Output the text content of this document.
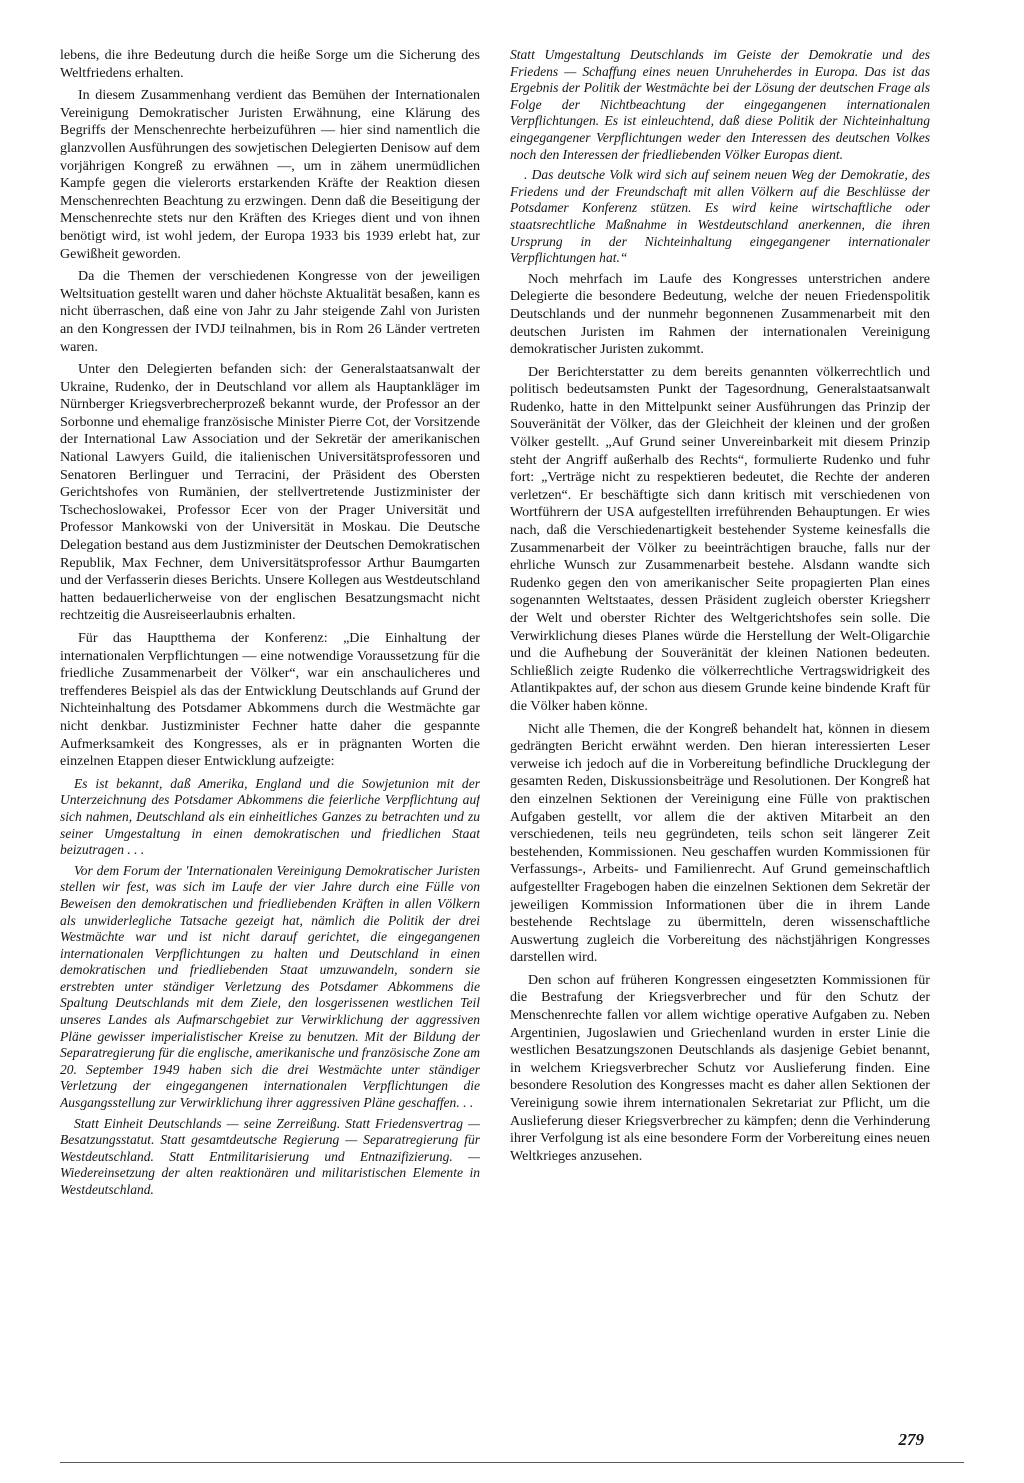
lebens, die ihre Bedeutung durch die heiße Sorge um die Sicherung des Weltfriedens erhalten.

In diesem Zusammenhang verdient das Bemühen der Internationalen Vereinigung Demokratischer Juristen Erwähnung, eine Klärung des Begriffs der Menschenrechte herbeizuführen — hier sind namentlich die glanzvollen Ausführungen des sowjetischen Delegierten Denisow auf dem vorjährigen Kongreß zu erwähnen —, um in zähem unermüdlichen Kampfe gegen die vielerorts erstarkenden Kräfte der Reaktion diesen Menschenrechten Beachtung zu erzwingen. Denn daß die Beseitigung der Menschenrechte stets nur den Kräften des Krieges dient und von ihnen benötigt wird, ist wohl jedem, der Europa 1933 bis 1939 erlebt hat, zur Gewißheit geworden.

Da die Themen der verschiedenen Kongresse von der jeweiligen Weltsituation gestellt waren und daher höchste Aktualität besaßen, kann es nicht überraschen, daß eine von Jahr zu Jahr steigende Zahl von Juristen an den Kongressen der IVDJ teilnahmen, bis in Rom 26 Länder vertreten waren.

Unter den Delegierten befanden sich: der Generalstaatsanwalt der Ukraine, Rudenko, der in Deutschland vor allem als Hauptankläger im Nürnberger Kriegsverbrecherprozeß bekannt wurde, der Professor an der Sorbonne und ehemalige französische Minister Pierre Cot, der Vorsitzende der International Law Association und der Sekretär der amerikanischen National Lawyers Guild, die italienischen Universitätsprofessoren und Senatoren Berlinguer und Terracini, der Präsident des Obersten Gerichtshofes von Rumänien, der stellvertretende Justizminister der Tschechoslowakei, Professor Ecer von der Prager Universität und Professor Mankowski von der Universität in Moskau. Die Deutsche Delegation bestand aus dem Justizminister der Deutschen Demokratischen Republik, Max Fechner, dem Universitätsprofessor Arthur Baumgarten und der Verfasserin dieses Berichts. Unsere Kollegen aus Westdeutschland hatten bedauerlicherweise von der englischen Besatzungsmacht nicht rechtzeitig die Ausreiseerlaubnis erhalten.

Für das Hauptthema der Konferenz: „Die Einhaltung der internationalen Verpflichtungen — eine notwendige Voraussetzung für die friedliche Zusammenarbeit der Völker“, war ein anschaulicheres und treffenderes Beispiel als das der Entwicklung Deutschlands auf Grund der Nichteinhaltung des Potsdamer Abkommens durch die Westmächte gar nicht denkbar. Justizminister Fechner hatte daher die gespannte Aufmerksamkeit des Kongresses, als er in prägnanten Worten die einzelnen Etappen dieser Entwicklung aufzeigte:

Es ist bekannt, daß Amerika, England und die Sowjetunion mit der Unterzeichnung des Potsdamer Abkommens die feierliche Verpflichtung auf sich nahmen, Deutschland als ein einheitliches Ganzes zu betrachten und zu seiner Umgestaltung in einen demokratischen und friedlichen Staat beizutragen . . .

Vor dem Forum der 'Internationalen Vereinigung Demokratischer Juristen stellen wir fest, was sich im Laufe der vier Jahre durch eine Fülle von Beweisen den demokratischen und friedliebenden Kräften in allen Völkern als unwiderlegliche Tatsache gezeigt hat, nämlich die Politik der drei Westmächte war und ist nicht darauf gerichtet, die eingegangenen internationalen Verpflichtungen zu halten und Deutschland in einen demokratischen und friedliebenden Staat umzuwandeln, sondern sie erstrebten unter ständiger Verletzung des Potsdamer Abkommens die Spaltung Deutschlands mit dem Ziele, den losgerissenen westlichen Teil unseres Landes als Aufmarschgebiet zur Verwirklichung der aggressiven Pläne gewisser imperialistischer Kreise zu benutzen. Mit der Bildung der Separatregierung für die englische, amerikanische und französische Zone am 20. September 1949 haben sich die drei Westmächte unter ständiger Verletzung der eingegangenen internationalen Verpflichtungen die Ausgangsstellung zur Verwirklichung ihrer aggressiven Pläne geschaffen. . .

Statt Einheit Deutschlands — seine Zerreißung. Statt Friedensvertrag — Besatzungsstatut. Statt gesamtdeutsche Regierung — Separatregierung für Westdeutschland. Statt Entmilitarisierung und Entnazifizierung. — Wiedereinsetzung der alten reaktionären und militaristischen Elemente in Westdeutschland.

Statt Umgestaltung Deutschlands im Geiste der Demokratie und des Friedens — Schaffung eines neuen Unruheherdes in Europa. Das ist das Ergebnis der Politik der Westmächte bei der Lösung der deutschen Frage als Folge der Nichtbeachtung der eingegangenen internationalen Verpflichtungen. Es ist einleuchtend, daß diese Politik der Nichteinhaltung eingegangener Verpflichtungen weder den Interessen des deutschen Volkes noch den Interessen der friedliebenden Völker Europas dient.

. Das deutsche Volk wird sich auf seinem neuen Weg der Demokratie, des Friedens und der Freundschaft mit allen Völkern auf die Beschlüsse der Potsdamer Konferenz stützen. Es wird keine wirtschaftliche oder staatsrechtliche Maßnahme in Westdeutschland anerkennen, die ihren Ursprung in der Nichteinhaltung eingegangener internationaler Verpflichtungen hat.“

Noch mehrfach im Laufe des Kongresses unterstrichen andere Delegierte die besondere Bedeutung, welche der neuen Friedenspolitik Deutschlands und der nunmehr begonnenen Zusammenarbeit mit den deutschen Juristen im Rahmen der internationalen Vereinigung demokratischer Juristen zukommt.

Der Berichterstatter zu dem bereits genannten völkerrechtlich und politisch bedeutsamsten Punkt der Tagesordnung, Generalstaatsanwalt Rudenko, hatte in den Mittelpunkt seiner Ausführungen das Prinzip der Souveränität der Völker, das der Gleichheit der kleinen und der großen Völker gestellt. „Auf Grund seiner Unvereinbarkeit mit diesem Prinzip steht der Angriff außerhalb des Rechts“, formulierte Rudenko und fuhr fort: „Verträge nicht zu respektieren bedeutet, die Rechte der anderen verletzen“. Er beschäftigte sich dann kritisch mit verschiedenen von Wortführern der USA aufgestellten irreführenden Behauptungen. Er wies nach, daß die Verschiedenartigkeit bestehender Systeme keinesfalls die Zusammenarbeit der Völker zu beeinträchtigen brauche, falls nur der ehrliche Wunsch zur Zusammenarbeit bestehe. Alsdann wandte sich Rudenko gegen den von amerikanischer Seite propagierten Plan eines sogenannten Weltstaates, dessen Präsident zugleich oberster Kriegsherr der Welt und oberster Richter des Weltgerichtshofes sein solle. Die Verwirklichung dieses Planes würde die Herstellung der Welt-Oligarchie und die Aufhebung der Souveränität der kleinen Nationen bedeuten. Schließlich zeigte Rudenko die völkerrechtliche Vertragswidrigkeit des Atlantikpaktes auf, der schon aus diesem Grunde keine bindende Kraft für die Völker haben könne.

Nicht alle Themen, die der Kongreß behandelt hat, können in diesem gedrängten Bericht erwähnt werden. Den hieran interessierten Leser verweise ich jedoch auf die in Vorbereitung befindliche Drucklegung der gesamten Reden, Diskussionsbeiträge und Resolutionen. Der Kongreß hat den einzelnen Sektionen der Vereinigung eine Fülle von praktischen Aufgaben gestellt, vor allem die der aktiven Mitarbeit an den verschiedenen, teils neu gegründeten, teils schon seit längerer Zeit bestehenden, Kommissionen. Neu geschaffen wurden Kommissionen für Verfassungs-, Arbeits- und Familienrecht. Auf Grund gemeinschaftlich aufgestellter Fragebogen haben die einzelnen Sektionen dem Sekretär der jeweiligen Kommission Informationen über die in ihrem Lande bestehende Rechtslage zu übermitteln, deren wissenschaftliche Auswertung zugleich die Vorbereitung des nächstjährigen Kongresses darstellen wird.

Den schon auf früheren Kongressen eingesetzten Kommissionen für die Bestrafung der Kriegsverbrecher und für den Schutz der Menschenrechte fallen vor allem wichtige operative Aufgaben zu. Neben Argentinien, Jugoslawien und Griechenland wurden in erster Linie die westlichen Besatzungszonen Deutschlands als dasjenige Gebiet benannt, in welchem Kriegsverbrecher Schutz vor Auslieferung finden. Eine besondere Resolution des Kongresses macht es daher allen Sektionen der Vereinigung sowie ihrem internationalen Sekretariat zur Pflicht, um die Auslieferung dieser Kriegsverbrecher zu kämpfen; denn die Verhinderung ihrer Verfolgung ist als eine besondere Form der Vorbereitung eines neuen Weltkrieges anzusehen.

279
